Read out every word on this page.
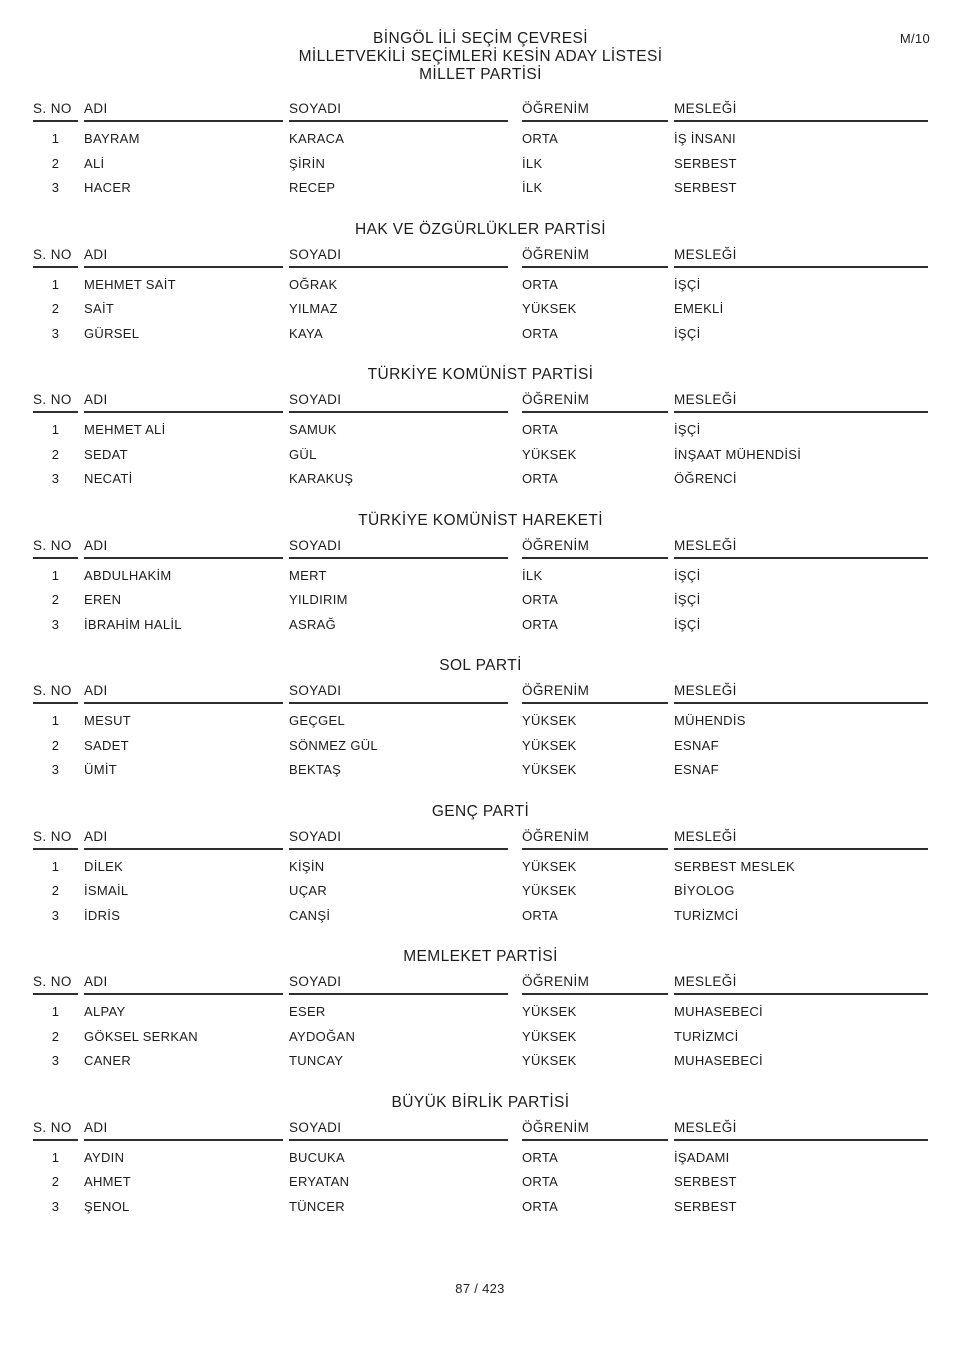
M/10
BİNGÖL İLİ SEÇİM ÇEVRESİ
MİLLETVEKİLİ SEÇİMLERİ KESİN ADAY LİSTESİ
MİLLET PARTİSİ
S. NO ADI	SOYADI	ÖĞRENİM	MESLEĞİ
1	BAYRAM	KARACA	ORTA	İŞ İNSANI
2	ALİ	ŞİRİN	İLK	SERBEST
3	HACER	RECEP	İLK	SERBEST
HAK VE ÖZGÜRLÜKLER PARTİSİ
S. NO ADI	SOYADI	ÖĞRENİM	MESLEĞİ
1	MEHMET SAİT	OĞRAK	ORTA	İŞÇİ
2	SAİT	YILMAZ	YÜKSEK	EMEKLİ
3	GÜRSEL	KAYA	ORTA	İŞÇİ
TÜRKİYE KOMÜNİST PARTİSİ
S. NO ADI	SOYADI	ÖĞRENİM	MESLEĞİ
1	MEHMET ALİ	SAMUK	ORTA	İŞÇİ
2	SEDAT	GÜL	YÜKSEK	İNŞAAT MÜHENDİSİ
3	NECATİ	KARAKUŞ	ORTA	ÖĞRENCİ
TÜRKİYE KOMÜNİST HAREKETİ
S. NO ADI	SOYADI	ÖĞRENİM	MESLEĞİ
1	ABDULHAKİM	MERT	İLK	İŞÇİ
2	EREN	YILDIRIM	ORTA	İŞÇİ
3	İBRAHİM HALİL	ASRAĞ	ORTA	İŞÇİ
SOL PARTİ
S. NO ADI	SOYADI	ÖĞRENİM	MESLEĞİ
1	MESUT	GEÇGEL	YÜKSEK	MÜHENDİS
2	SADET	SÖNMEZ GÜL	YÜKSEK	ESNAF
3	ÜMİT	BEKTAŞ	YÜKSEK	ESNAF
GENÇ PARTİ
S. NO ADI	SOYADI	ÖĞRENİM	MESLEĞİ
1	DİLEK	KİŞİN	YÜKSEK	SERBEST MESLEK
2	İSMAİL	UÇAR	YÜKSEK	BİYOLOG
3	İDRİS	CANŞİ	ORTA	TURİZMCİ
MEMLEKET PARTİSİ
S. NO ADI	SOYADI	ÖĞRENİM	MESLEĞİ
1	ALPAY	ESER	YÜKSEK	MUHASEBECİ
2	GÖKSEL SERKAN	AYDOĞAN	YÜKSEK	TURİZMCİ
3	CANER	TUNCAY	YÜKSEK	MUHASEBECİ
BÜYÜK BİRLİK PARTİSİ
S. NO ADI	SOYADI	ÖĞRENİM	MESLEĞİ
1	AYDIN	BUCUKA	ORTA	İŞADAMI
2	AHMET	ERYATAN	ORTA	SERBEST
3	ŞENOL	TÜNCER	ORTA	SERBEST
87 / 423
